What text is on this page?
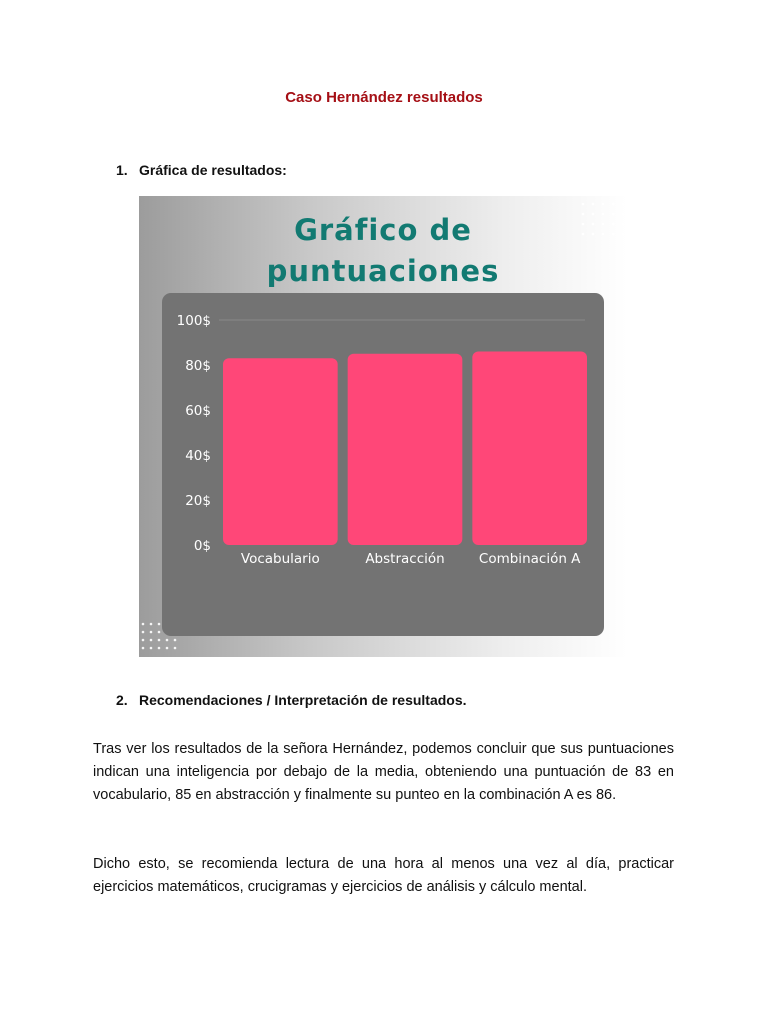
Caso Hernández resultados
1. Gráfica de resultados:
Gráfico de
puntuaciones
0$
20$
40$
60$
80$
100$
Vocabulario	Abstracción	Combinación A
2. Recomendaciones / Interpretación de resultados.

Tras ver los resultados de la señora Hernández, podemos concluir que sus puntuaciones indican una inteligencia por debajo de la media, obteniendo una puntuación de 83 en vocabulario, 85 en abstracción y finalmente su punteo en la combinación A es 86.

Dicho esto, se recomienda lectura de una hora al menos una vez al día, practicar ejercicios matemáticos, crucigramas y ejercicios de análisis y cálculo mental.
